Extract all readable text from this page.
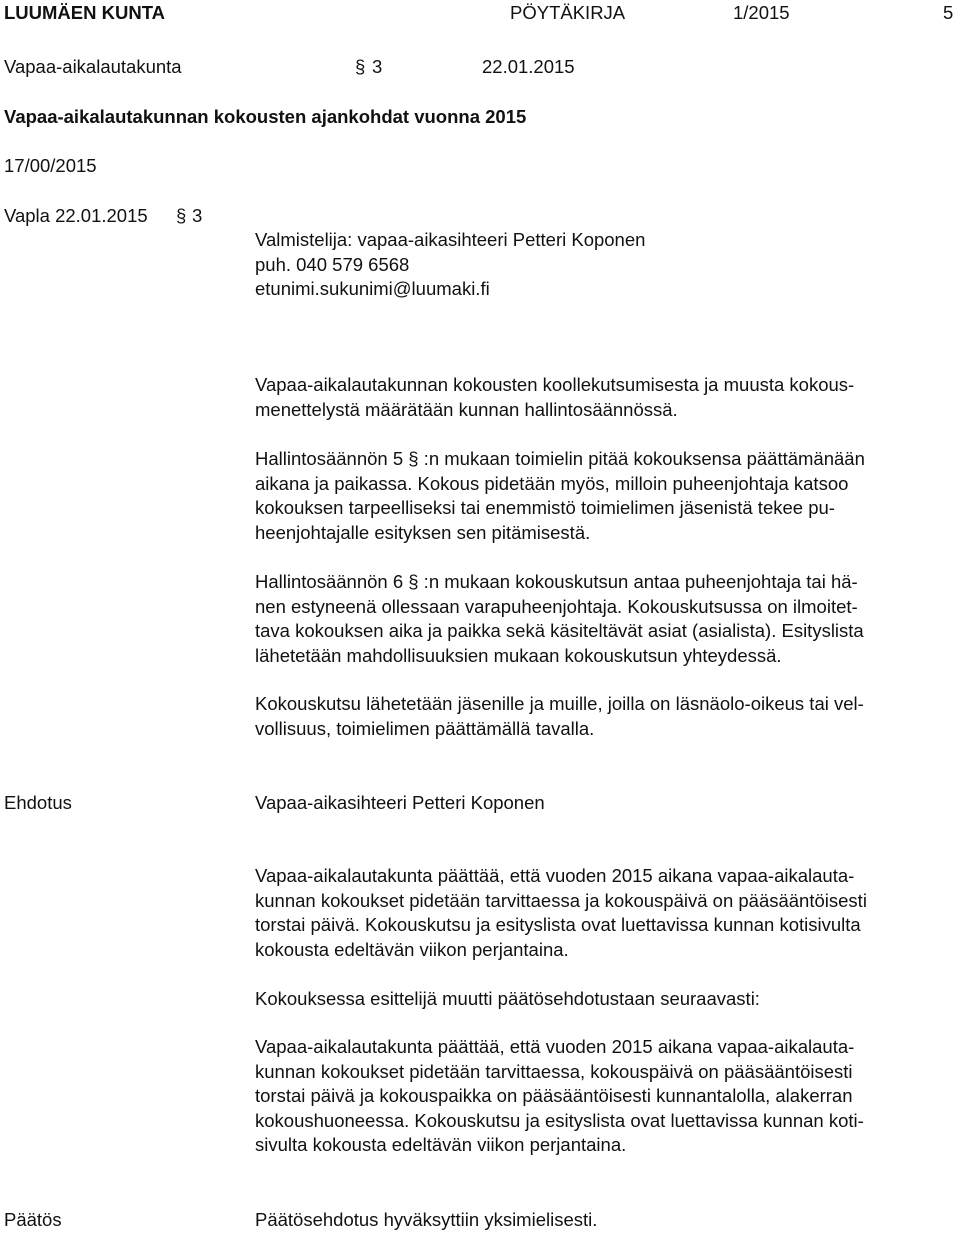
LUUMÄEN KUNTA	PÖYTÄKIRJA	1/2015	5
Vapaa-aikalautakunta	§ 3	22.01.2015
Vapaa-aikalautakunnan kokousten ajankohdat vuonna 2015
17/00/2015
Vapla 22.01.2015 § 3

Valmistelija: vapaa-aikasihteeri Petteri Koponen

puh. 040 579 6568

etunimi.sukunimi@luumaki.fi

Vapaa-aikalautakunnan kokousten koollekutsumisesta ja muusta kokous-

menettelystä määrätään kunnan hallintosäännössä.

Hallintosäännön 5 § :n mukaan toimielin pitää kokouksensa päättämänään

aikana ja paikassa. Kokous pidetään myös, milloin puheenjohtaja katsoo

kokouksen tarpeelliseksi tai enemmistö toimielimen jäsenistä tekee pu-

heenjohtajalle esityksen sen pitämisestä.

Hallintosäännön 6 § :n mukaan kokouskutsun antaa puheenjohtaja tai hä-

nen estyneenä ollessaan varapuheenjohtaja. Kokouskutsussa on ilmoitet-

tava kokouksen aika ja paikka sekä käsiteltävät asiat (asialista). Esityslista

lähetetään mahdollisuuksien mukaan kokouskutsun yhteydessä.

Kokouskutsu lähetetään jäsenille ja muille, joilla on läsnäolo-oikeus tai vel-

vollisuus, toimielimen päättämällä tavalla.

Ehdotus	Vapaa-aikasihteeri Petteri Koponen

Vapaa-aikalautakunta päättää, että vuoden 2015 aikana vapaa-aikalauta-

kunnan kokoukset pidetään tarvittaessa ja kokouspäivä on pääsääntöisesti

torstai päivä. Kokouskutsu ja esityslista ovat luettavissa kunnan kotisivulta

kokousta edeltävän viikon perjantaina.

Kokouksessa esittelijä muutti päätösehdotustaan seuraavasti:

Vapaa-aikalautakunta päättää, että vuoden 2015 aikana vapaa-aikalauta-

kunnan kokoukset pidetään tarvittaessa, kokouspäivä on pääsääntöisesti

torstai päivä ja kokouspaikka on pääsääntöisesti kunnantalolla, alakerran

kokoushuoneessa. Kokouskutsu ja esityslista ovat luettavissa kunnan koti-

sivulta kokousta edeltävän viikon perjantaina.

Päätös	Päätösehdotus hyväksyttiin yksimielisesti.
